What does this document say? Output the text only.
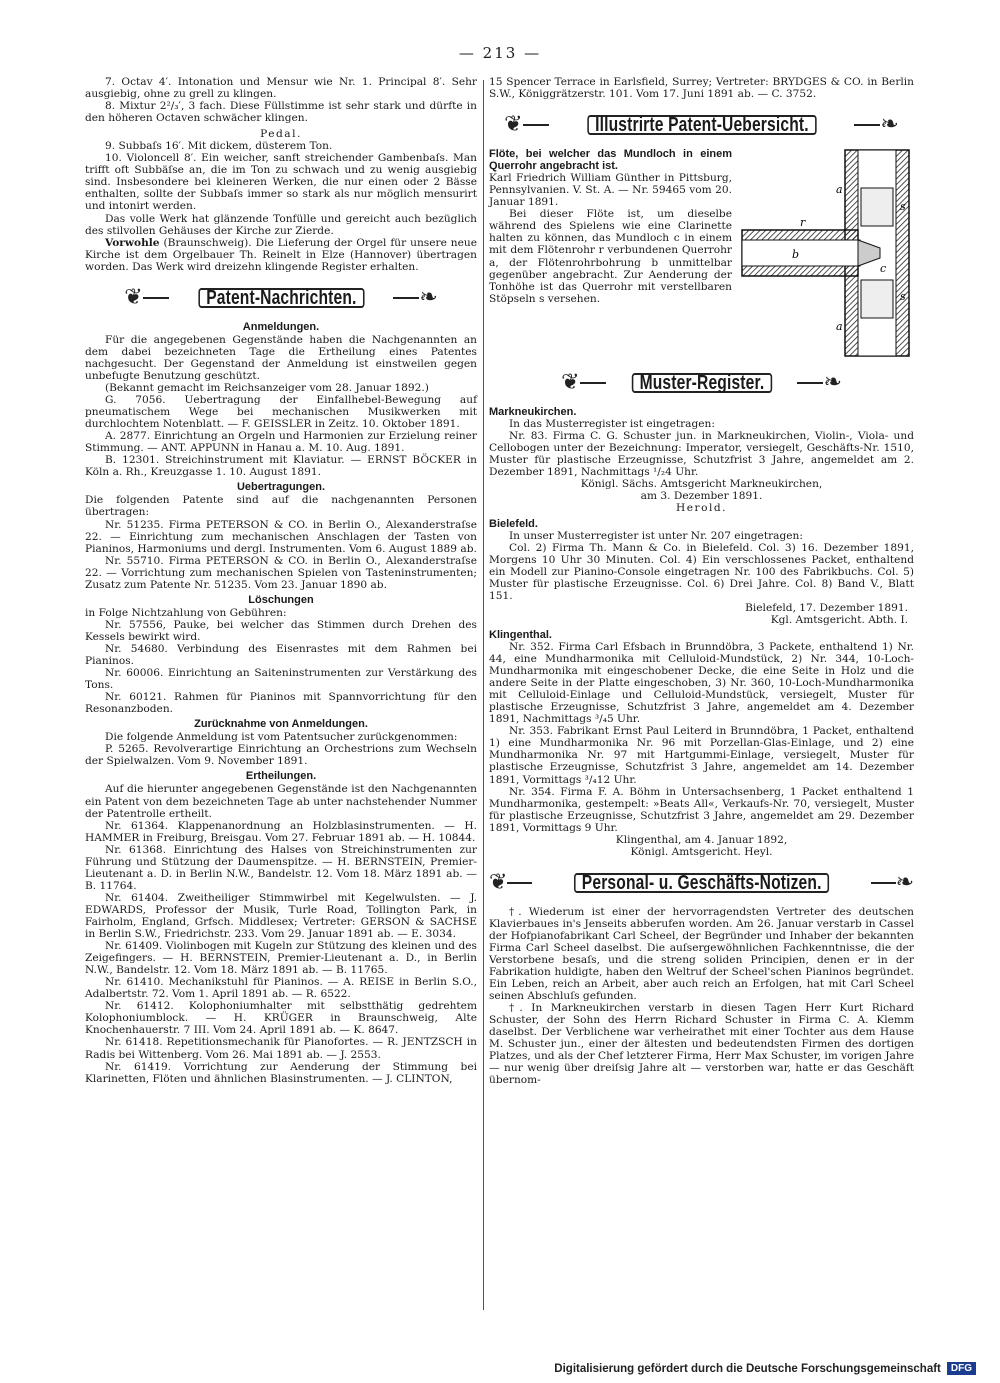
— 213 —

7. Octav 4′. Intonation und Mensur wie Nr. 1. Principal 8′. Sehr ausgiebig, ohne zu grell zu klingen.

8. Mixtur 2²/₃′, 3 fach. Diese Füllstimme ist sehr stark und dürfte in den höheren Octaven schwächer klingen.

Pedal.

9. Subbaſs 16′. Mit dickem, düsterem Ton.

10. Violoncell 8′. Ein weicher, sanft streichender Gambenbaſs. Man trifft oft Subbäſse an, die im Ton zu schwach und zu wenig ausgiebig sind. Insbesondere bei kleineren Werken, die nur einen oder 2 Bässe enthalten, sollte der Subbaſs immer so stark als nur möglich mensurirt und intonirt werden.

Das volle Werk hat glänzende Tonfülle und gereicht auch bezüglich des stilvollen Gehäuses der Kirche zur Zierde.

Vorwohle (Braunschweig). Die Lieferung der Orgel für unsere neue Kirche ist dem Orgelbauer Th. Reinelt in Elze (Hannover) übertragen worden. Das Werk wird dreizehn klingende Register erhalten.

❦	Patent-Nachrichten.	❧

Anmeldungen.

Für die angegebenen Gegenstände haben die Nachgenannten an dem dabei bezeichneten Tage die Ertheilung eines Patentes nachgesucht. Der Gegenstand der Anmeldung ist einstweilen gegen unbefugte Benutzung geschützt.

(Bekannt gemacht im Reichsanzeiger vom 28. Januar 1892.)

G. 7056. Uebertragung der Einfallhebel-Bewegung auf pneumatischem Wege bei mechanischen Musikwerken mit durchlochtem Notenblatt. — F. GEISSLER in Zeitz. 10. Oktober 1891.

A. 2877. Einrichtung an Orgeln und Harmonien zur Erzielung reiner Stimmung. — ANT. APPUNN in Hanau a. M. 10. Aug. 1891.

B. 12301. Streichinstrument mit Klaviatur. — ERNST BÖCKER in Köln a. Rh., Kreuzgasse 1. 10. August 1891.

Uebertragungen.

Die folgenden Patente sind auf die nachgenannten Personen übertragen:

Nr. 51235. Firma PETERSON & CO. in Berlin O., Alexanderstraſse 22. — Einrichtung zum mechanischen Anschlagen der Tasten von Pianinos, Harmoniums und dergl. Instrumenten. Vom 6. August 1889 ab.

Nr. 55710. Firma PETERSON & CO. in Berlin O., Alexanderstraſse 22. — Vorrichtung zum mechanischen Spielen von Tasteninstrumenten; Zusatz zum Patente Nr. 51235. Vom 23. Januar 1890 ab.

Löschungen

in Folge Nichtzahlung von Gebühren:

Nr. 57556, Pauke, bei welcher das Stimmen durch Drehen des Kessels bewirkt wird.

Nr. 54680. Verbindung des Eisenrastes mit dem Rahmen bei Pianinos.

Nr. 60006. Einrichtung an Saiteninstrumenten zur Verstärkung des Tons.

Nr. 60121. Rahmen für Pianinos mit Spannvorrichtung für den Resonanzboden.

Zurücknahme von Anmeldungen.

Die folgende Anmeldung ist vom Patentsucher zurückgenommen:

P. 5265. Revolverartige Einrichtung an Orchestrions zum Wechseln der Spielwalzen. Vom 9. November 1891.

Ertheilungen.

Auf die hierunter angegebenen Gegenstände ist den Nachgenannten ein Patent von dem bezeichneten Tage ab unter nachstehender Nummer der Patentrolle ertheilt.

Nr. 61364. Klappenanordnung an Holzblasinstrumenten. — H. HAMMER in Freiburg, Breisgau. Vom 27. Februar 1891 ab. — H. 10844.

Nr. 61368. Einrichtung des Halses von Streichinstrumenten zur Führung und Stützung der Daumenspitze. — H. BERNSTEIN, Premier-Lieutenant a. D. in Berlin N.W., Bandelstr. 12. Vom 18. März 1891 ab. — B. 11764.

Nr. 61404. Zweitheiliger Stimmwirbel mit Kegelwulsten. — J. EDWARDS, Professor der Musik, Turle Road, Tollington Park, in Fairholm, England, Grfsch. Middlesex; Vertreter: GERSON & SACHSE in Berlin S.W., Friedrichstr. 233. Vom 29. Januar 1891 ab. — E. 3034.

Nr. 61409. Violinbogen mit Kugeln zur Stützung des kleinen und des Zeigefingers. — H. BERNSTEIN, Premier-Lieutenant a. D., in Berlin N.W., Bandelstr. 12. Vom 18. März 1891 ab. — B. 11765.

Nr. 61410. Mechanikstuhl für Pianinos. — A. REISE in Berlin S.O., Adalbertstr. 72. Vom 1. April 1891 ab. — R. 6522.

Nr. 61412. Kolophoniumhalter mit selbstthätig gedrehtem Kolophoniumblock. — H. KRÜGER in Braunschweig, Alte Knochenhauerstr. 7 III. Vom 24. April 1891 ab. — K. 8647.

Nr. 61418. Repetitionsmechanik für Pianofortes. — R. JENTZSCH in Radis bei Wittenberg. Vom 26. Mai 1891 ab. — J. 2553.

Nr. 61419. Vorrichtung zur Aenderung der Stimmung bei Klarinetten, Flöten und ähnlichen Blasinstrumenten. — J. CLINTON,

15 Spencer Terrace in Earlsfield, Surrey; Vertreter: BRYDGES & CO. in Berlin S.W., Königgrätzerstr. 101. Vom 17. Juni 1891 ab. — C. 3752.

❦	Illustrirte Patent-Uebersicht.	❧

Flöte, bei welcher das Mundloch in einem Querrohr angebracht ist.

Karl Friedrich William Günther in Pittsburg, Pennsylvanien. V. St. A. — Nr. 59465 vom 20. Januar 1891.

Bei dieser Flöte ist, um dieselbe während des Spielens wie eine Clarinette halten zu können, das Mundloch c in einem mit dem Flötenrohr r verbundenen Querrohr a, der Flötenrohrbohrung b unmittelbar gegenüber angebracht. Zur Aenderung der Tonhöhe ist das Querrohr mit verstellbaren Stöpseln s versehen.

a
a
s
s
r
b
c
❦	Muster-Register.	❧

Markneukirchen.

In das Musterregister ist eingetragen:

Nr. 83. Firma C. G. Schuster jun. in Markneukirchen, Violin-, Viola- und Cellobogen unter der Bezeichnung: Imperator, versiegelt, Geschäfts-Nr. 1510, Muster für plastische Erzeugnisse, Schutzfrist 3 Jahre, angemeldet am 2. Dezember 1891, Nachmittags ¹/₂4 Uhr.

Königl. Sächs. Amtsgericht Markneukirchen,

am 3. Dezember 1891.

Herold.

Bielefeld.

In unser Musterregister ist unter Nr. 207 eingetragen:

Col. 2) Firma Th. Mann & Co. in Bielefeld. Col. 3) 16. Dezember 1891, Morgens 10 Uhr 30 Minuten. Col. 4) Ein verschlossenes Packet, enthaltend ein Modell zur Pianino-Console eingetragen Nr. 100 des Fabrikbuchs. Col. 5) Muster für plastische Erzeugnisse. Col. 6) Drei Jahre. Col. 8) Band V., Blatt 151.

Bielefeld, 17. Dezember 1891.

Kgl. Amtsgericht. Abth. I.

Klingenthal.

Nr. 352. Firma Carl Efsbach in Brunndöbra, 3 Packete, enthaltend 1) Nr. 44, eine Mundharmonika mit Celluloid-Mundstück, 2) Nr. 344, 10-Loch-Mundharmonika mit eingeschobener Decke, die eine Seite in Holz und die andere Seite in der Platte eingeschoben, 3) Nr. 360, 10-Loch-Mundharmonika mit Celluloid-Einlage und Celluloid-Mundstück, versiegelt, Muster für plastische Erzeugnisse, Schutzfrist 3 Jahre, angemeldet am 4. Dezember 1891, Nachmittags ³/₄5 Uhr.

Nr. 353. Fabrikant Ernst Paul Leiterd in Brunndöbra, 1 Packet, enthaltend 1) eine Mundharmonika Nr. 96 mit Porzellan-Glas-Einlage, und 2) eine Mundharmonika Nr. 97 mit Hartgummi-Einlage, versiegelt, Muster für plastische Erzeugnisse, Schutzfrist 3 Jahre, angemeldet am 14. Dezember 1891, Vormittags ³/₄12 Uhr.

Nr. 354. Firma F. A. Böhm in Untersachsenberg, 1 Packet enthaltend 1 Mundharmonika, gestempelt: »Beats All«, Verkaufs-Nr. 70, versiegelt, Muster für plastische Erzeugnisse, Schutzfrist 3 Jahre, angemeldet am 29. Dezember 1891, Vormittags 9 Uhr.

Klingenthal, am 4. Januar 1892,

Königl. Amtsgericht. Heyl.

❦	Personal- u. Geschäfts-Notizen.	❧

†. Wiederum ist einer der hervorragendsten Vertreter des deutschen Klavierbaues in's Jenseits abberufen worden. Am 26. Januar verstarb in Cassel der Hofpianofabrikant Carl Scheel, der Begründer und Inhaber der bekannten Firma Carl Scheel daselbst. Die auſsergewöhnlichen Fachkenntnisse, die der Verstorbene besaſs, und die streng soliden Principien, denen er in der Fabrikation huldigte, haben den Weltruf der Scheel'schen Pianinos begründet. Ein Leben, reich an Arbeit, aber auch reich an Erfolgen, hat mit Carl Scheel seinen Abschluſs gefunden.

†. In Markneukirchen verstarb in diesen Tagen Herr Kurt Richard Schuster, der Sohn des Herrn Richard Schuster in Firma C. A. Klemm daselbst. Der Verblichene war verheirathet mit einer Tochter aus dem Hause M. Schuster jun., einer der ältesten und bedeutendsten Firmen des dortigen Platzes, und als der Chef letzterer Firma, Herr Max Schuster, im vorigen Jahre — nur wenig über dreiſsig Jahre alt — verstorben war, hatte er das Geschäft übernom-

Digitalisierung gefördert durch die Deutsche Forschungsgemeinschaft	DFG
